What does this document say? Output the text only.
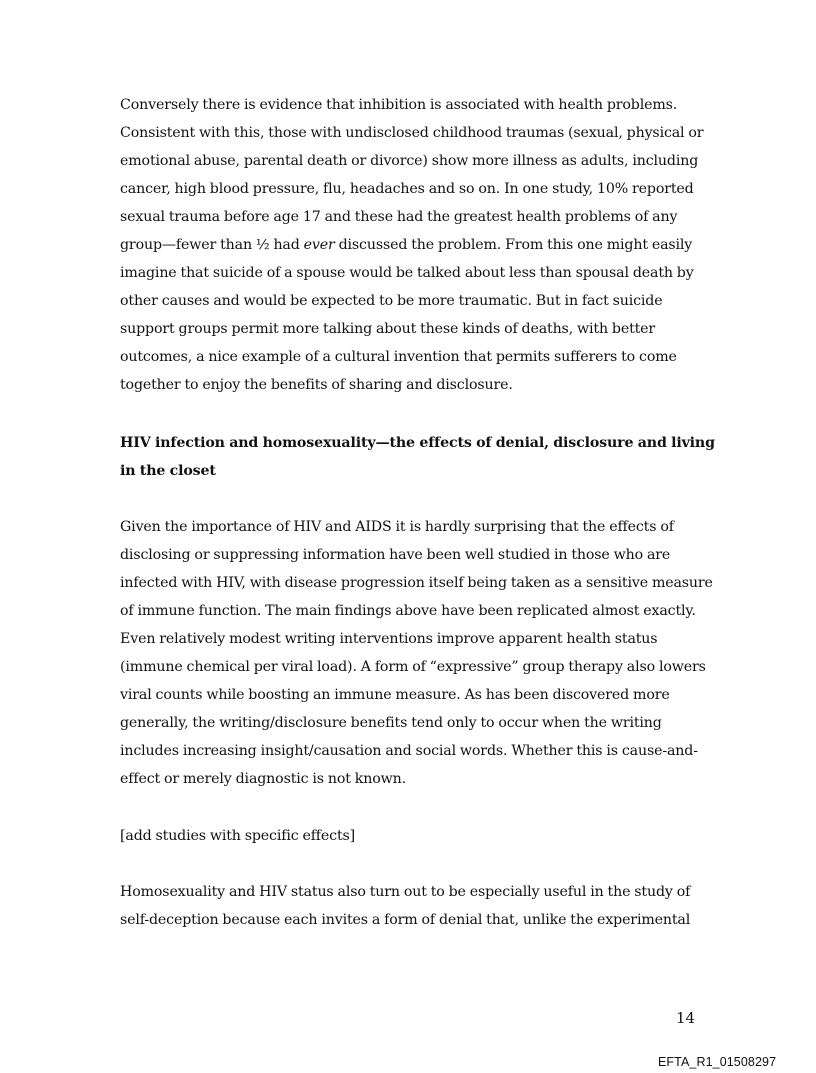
Conversely there is evidence that inhibition is associated with health problems.
Consistent with this, those with undisclosed childhood traumas (sexual, physical or
emotional abuse, parental death or divorce) show more illness as adults, including
cancer, high blood pressure, flu, headaches and so on. In one study, 10% reported
sexual trauma before age 17 and these had the greatest health problems of any
group—fewer than ½ had ever discussed the problem. From this one might easily
imagine that suicide of a spouse would be talked about less than spousal death by
other causes and would be expected to be more traumatic. But in fact suicide
support groups permit more talking about these kinds of deaths, with better
outcomes, a nice example of a cultural invention that permits sufferers to come
together to enjoy the benefits of sharing and disclosure.
HIV infection and homosexuality—the effects of denial, disclosure and living
in the closet
Given the importance of HIV and AIDS it is hardly surprising that the effects of
disclosing or suppressing information have been well studied in those who are
infected with HIV, with disease progression itself being taken as a sensitive measure
of immune function. The main findings above have been replicated almost exactly.
Even relatively modest writing interventions improve apparent health status
(immune chemical per viral load). A form of “expressive” group therapy also lowers
viral counts while boosting an immune measure. As has been discovered more
generally, the writing/disclosure benefits tend only to occur when the writing
includes increasing insight/causation and social words. Whether this is cause-and-
effect or merely diagnostic is not known.
[add studies with specific effects]
Homosexuality and HIV status also turn out to be especially useful in the study of
self-deception because each invites a form of denial that, unlike the experimental
14
EFTA_R1_01508297
